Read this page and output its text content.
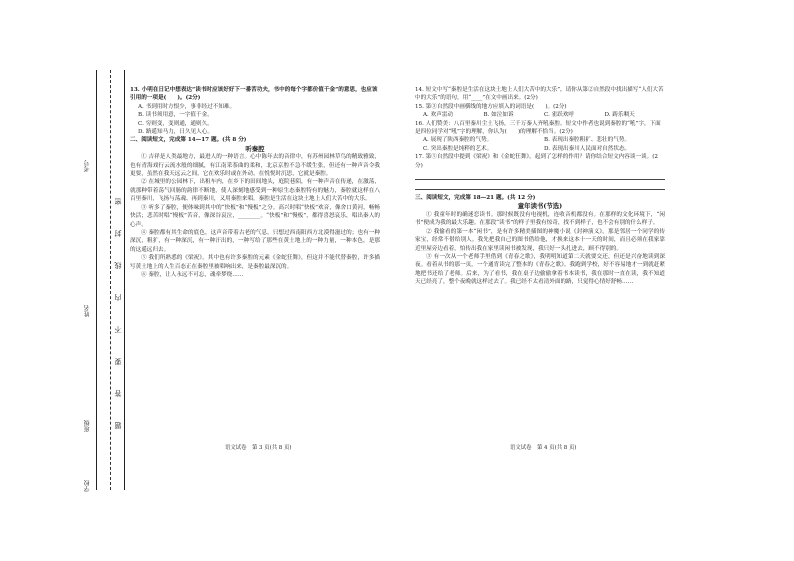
考号
姓名
班级
学校
密
封
线
内
不
要
答
题

13. 小明在日记中想表达“读书时应该好好下一番苦功夫，书中的每个字都价值千金”的意思，也应该引用的一项是(　　)。(2分)

A. 书到用时方恨少，事非经过不知难。

B. 读书须用意，一字值千金。

C. 穷则变，变则通，通则久。

D. 路遥知马力，日久见人心。

二、阅读短文，完成第 14—17 题。(共 8 分)

听秦腔

① 吉祥是人类最地方，最进人的一种语言。心中陈年去的音律中，有苏州园林草鸟的精致雅致，也有青海戏行云流水般的细腻，有江南采茶曲的柔和，北京京腔不急不缓生张，但还有一种声音令我更要，虽然在我天远云之间，它在欢乐时或在外动，在悦悦时沉思，它就是秦腔。

② 在城里的公园林下，出租车内，在乡下的田间地头，庭院巷陌，有一种声音在传递，在激荡，就那种带着荡气回肠的韵律不断地，使人深刻地感受到一种原生态秦腔特有的魅力，秦腔就这样在八百里秦川，飞扬与荡魂、再到秦川，又用秦腔来唱。秦腔是生活在这块土地上人们大苦中的大乐。

③ 听多了秦腔，便体味到其中的“快板”和“慢板”之分。高兴时唱“快板”欢音，像舍口黄河，畅畅快活；悲苦时唱“慢板”苦音，像深谷哀泣，________。“快板”和“慢板”，都得喜怒哀乐，唱出秦人的心声。

④ 秦腔都有其生命的底色，这声音带着古老的气息，只想过西南阳西方北漠得滋过的；也有一种深沉，粗犷，有一种深沉，有一种汗出的，一种写给了那些在黄土地上的一种力量，一种本色，是那的这遥远归去。

⑤ 我们所熟悉的《梁祝》，其中也有许多秦腔的元素《金蛇狂舞》，但这并不能代替秦腔，许多描写黄土地上的人生百态正在秦腔里被唱响出来，是秦腔最深沉的。

⑥ 秦腔，让人永远不可忘，魂牵梦绕……

语文试卷　第 3 页(共 8 页)

14. 短文中写“秦腔是生活在这块土地上人们大苦中的大乐”，请你从第②自然段中找出描写“人们大苦中的大乐”的语句，用“____”在文中画出来。(2分)

15. 第③自然段中画横线的地方应填入的词语是(　　)。(2分)

A. 欢声雷动	B. 如泣如诉	C. 雀跃欢呼	D. 踌乐咽天

16. 人们赞美：八百里秦川尘土飞扬，三千万秦人齐吼秦腔。短文中作者也说到秦腔的“吼”字，下面是四位同学对“吼”字的理解，你认为(　　)的理解不恰当。(2分)

A. 展现了陕西秦腔的气势。	B. 表现出秦腔粗犷、悲壮的气势。
C. 突出秦腔是纯粹的艺术。	D. 表现出秦川人民面对自然状态。

17. 第⑤自然段中提到《梁祝》和《金蛇狂舞》，起到了怎样的作用？请你结合短文内容谈一谈。(2分)

三、阅读短文，完成第 18—21 题。(共 12 分)

童年读书(节选)

① 我童年时的确迷恋读书。那时候既没有电视机，连收音机都没有。在那样的文化环境下，“闲书”便成为我的最大乐趣。在那段“读书”的样子里我有惊奇，找不到样子，也不会有别的什么样子。

② 我偷看的第一本“闲书”，是有许多精美插图的神魔小说《封神演义》。那是邻居一个同学的传家宝，经常不借给别人。我先把我自己的图书借给他，才换来这本十一天的时间，而且必须在我家靠近里屋旁边看着，怕传出我在家里读闲书被发现，我只好一头扎进去，顾不得别的。

③ 有一次从一个老师手里借到《青春之歌》，我明明知道第二天就要交还，但还是兴奋地读到深夜。看着从书的那一页，一个通宵读完了整本的《青春之歌》。我跑到学校，好不容易地才一到就赶紧地把书还给了老师。后来，为了看书，我在桌子边偷偷拿着书本读书，我在那时一直在读，我不知道天已经亮了，整个夜晚就这样过去了。我已经不太看清外面的路，只觉得心情好舒畅……

语文试卷　第 4 页(共 8 页)
